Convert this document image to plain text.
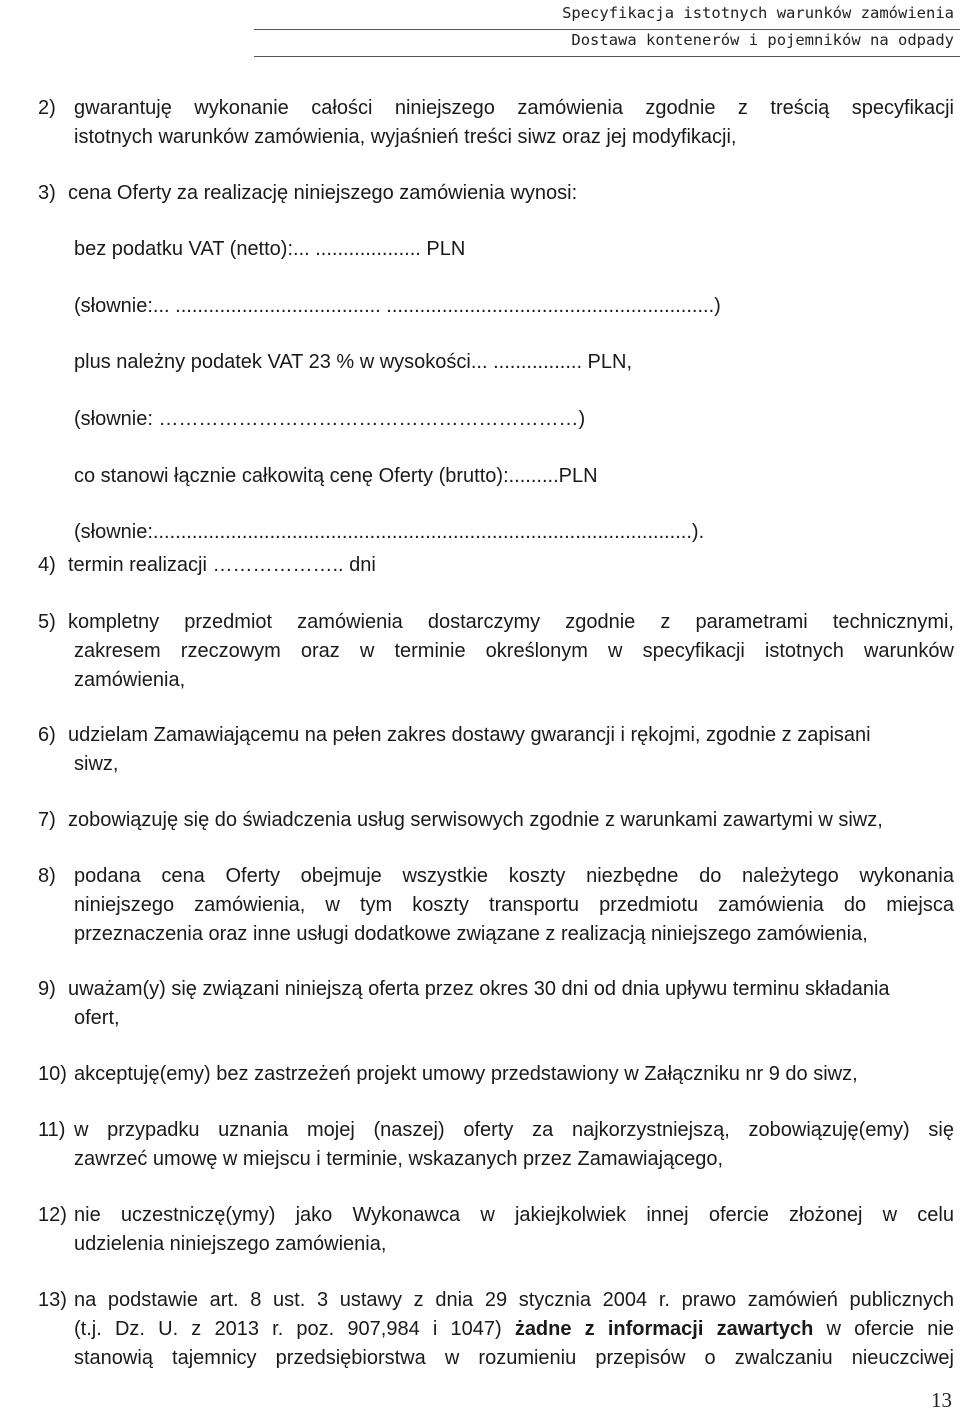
Specyfikacja istotnych warunków zamówienia
Dostawa kontenerów i pojemników na odpady
2) gwarantuję wykonanie całości niniejszego zamówienia zgodnie z treścią specyfikacji
istotnych warunków zamówienia, wyjaśnień treści siwz oraz jej modyfikacji,
3) cena Oferty za realizację niniejszego zamówienia wynosi:
bez podatku VAT (netto):... ................... PLN
(słownie:... ..................................... ...........................................................)
plus należny podatek VAT 23 % w wysokości... ................ PLN,
(słownie: ………………………………………………………)
co stanowi łącznie całkowitą cenę Oferty (brutto):.........PLN
(słownie:.................................................................................................).
4) termin realizacji ……………….. dni
5) kompletny przedmiot zamówienia dostarczymy zgodnie z parametrami technicznymi,
zakresem rzeczowym oraz w terminie określonym w specyfikacji istotnych warunków
zamówienia,
6) udzielam Zamawiającemu na pełen zakres dostawy gwarancji i rękojmi, zgodnie z zapisani
siwz,
7) zobowiązuję się do świadczenia usług serwisowych zgodnie z warunkami zawartymi w siwz,
8) podana cena Oferty obejmuje wszystkie koszty niezbędne do należytego wykonania
niniejszego zamówienia, w tym koszty transportu przedmiotu zamówienia do miejsca
przeznaczenia oraz inne usługi dodatkowe związane z realizacją niniejszego zamówienia,
9) uważam(y) się związani niniejszą oferta przez okres 30 dni od dnia upływu terminu składania
ofert,
10) akceptuję(emy) bez zastrzeżeń projekt umowy przedstawiony w Załączniku nr 9 do siwz,
11) w przypadku uznania mojej (naszej) oferty za najkorzystniejszą, zobowiązuję(emy) się
zawrzeć umowę w miejscu i terminie, wskazanych przez Zamawiającego,
12) nie uczestniczę(ymy) jako Wykonawca w jakiejkolwiek innej ofercie złożonej w celu
udzielenia niniejszego zamówienia,
13) na podstawie art. 8 ust. 3 ustawy z dnia 29 stycznia 2004 r. prawo zamówień publicznych
(t.j. Dz. U. z 2013 r. poz. 907,984 i 1047) żadne z informacji zawartych w ofercie nie
stanowią tajemnicy przedsiębiorstwa w rozumieniu przepisów o zwalczaniu nieuczciwej
13
